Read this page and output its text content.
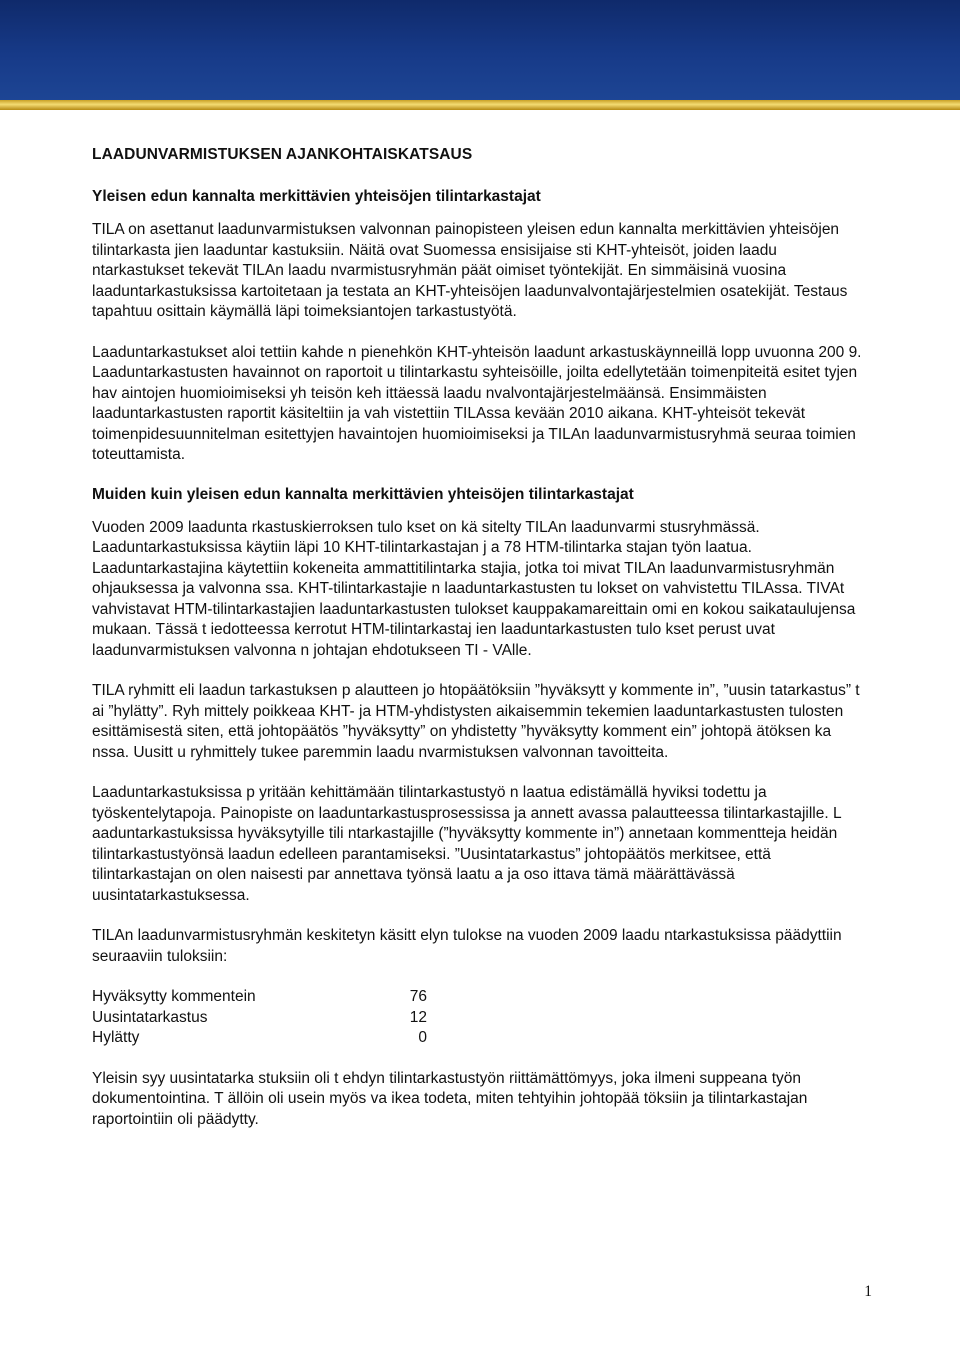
LAADUNVARMISTUKSEN AJANKOHTAISKATSAUS
Yleisen edun kannalta merkittävien yhteisöjen tilintarkastajat

TILA on asettanut laadunvarmistuksen valvonnan painopisteen yleisen edun kannalta merkittävien yhteisöjen tilintarkasta jien laaduntar kastuksiin. Näitä ovat Suomessa ensisijaise sti KHT-yhteisöt, joiden laadu ntarkastukset tekevät TILAn laadu nvarmistusryhmän päät oimiset työntekijät. En simmäisinä vuosina laaduntarkastuksissa kartoitetaan ja testata an KHT-yhteisöjen laadunvalvontajärjestelmien osatekijät. Testaus tapahtuu osittain käymällä läpi toimeksiantojen tarkastustyötä.

Laaduntarkastukset aloi tettiin kahde n pienehkön KHT-yhteisön laadunt arkastuskäynneillä lopp uvuonna 200 9. Laaduntarkastusten havainnot on raportoit u tilintarkastu syhteisöille, joilta edellytetään toimenpiteitä esitet tyjen hav aintojen huomioimiseksi yh teisön keh ittäessä laadu nvalvontajärjestelmäänsä. Ensimmäisten laaduntarkastusten raportit käsiteltiin ja vah vistettiin TILAssa kevään 2010 aikana. KHT-yhteisöt tekevät toimenpidesuunnitelman esitettyjen havaintojen huomioimiseksi ja TILAn laadunvarmistusryhmä seuraa toimien toteuttamista.

Muiden kuin yleisen edun kannalta merkittävien yhteisöjen tilintarkastajat

Vuoden 2009 laadunta rkastuskierroksen tulo kset on kä sitelty TILAn laadunvarmi stusryhmässä. Laaduntarkastuksissa käytiin läpi 10 KHT-tilintarkastajan j a 78 HTM-tilintarka stajan työn laatua. Laaduntarkastajina käytettiin kokeneita ammattitilintarka stajia, jotka toi mivat TILAn laadunvarmistusryhmän ohjauksessa ja valvonna ssa. KHT-tilintarkastajie n laaduntarkastusten tu lokset on vahvistettu TILAssa. TIVAt vahvistavat HTM-tilintarkastajien laaduntarkastusten tulokset kauppakamareittain omi en kokou saikataulujensa mukaan. Tässä t iedotteessa kerrotut HTM-tilintarkastaj ien laaduntarkastusten tulo kset perust uvat laadunvarmistuksen valvonna n johtajan ehdotukseen TI - VAlle.

TILA ryhmitt eli laadun tarkastuksen p alautteen jo htopäätöksiin ”hyväksytt y kommente in”, ”uusin tatarkastus” t ai ”hylätty”. Ryh mittely poikkeaa KHT- ja HTM-yhdistysten aikaisemmin tekemien laaduntarkastusten tulosten esittämisestä siten, että johtopäätös ”hyväksytty” on yhdistetty ”hyväksytty komment ein” johtopä ätöksen ka nssa. Uusitt u ryhmittely tukee paremmin laadu nvarmistuksen valvonnan tavoitteita.

Laaduntarkastuksissa p yritään kehittämään tilintarkastustyö n laatua edistämällä hyviksi todettu ja työskentelytapoja. Painopiste on laaduntarkastusprosessissa ja annett avassa palautteessa tilintarkastajille. L aaduntarkastuksissa hyväksytyille tili ntarkastajille (”hyväksytty kommente in”) annetaan kommentteja heidän tilintarkastustyönsä laadun edelleen parantamiseksi. ”Uusintatarkastus” johtopäätös merkitsee, että tilintarkastajan on olen naisesti par annettava työnsä laatu a ja oso ittava tämä määrättävässä uusintatarkastuksessa.

TILAn laadunvarmistusryhmän keskitetyn käsitt elyn tulokse na vuoden 2009 laadu ntarkastuksissa päädyttiin seuraaviin tuloksiin:

Hyväksytty kommentein	76
Uusintatarkastus	12
Hylätty	0

Yleisin syy uusintatarka stuksiin oli t ehdyn tilintarkastustyön riittämättömyys, joka ilmeni suppeana työn dokumentointina. T ällöin oli usein myös va ikea todeta, miten tehtyihin johtopää töksiin ja tilintarkastajan raportointiin oli päädytty.

1
